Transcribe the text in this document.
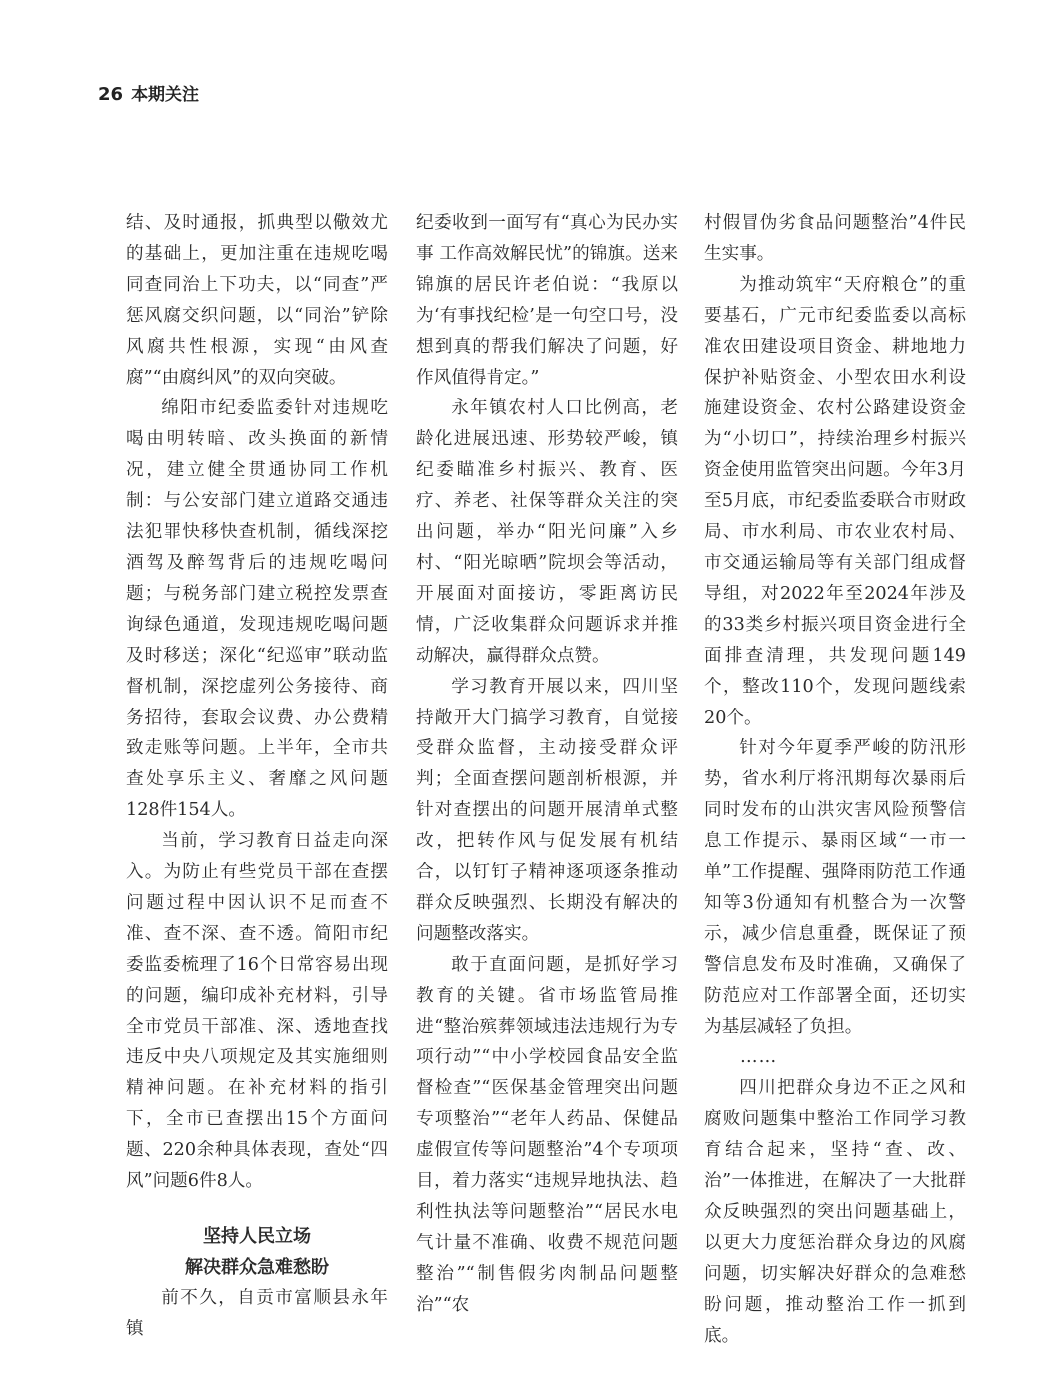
26 本期关注

结、及时通报，抓典型以儆效尤的基础上，更加注重在违规吃喝同查同治上下功夫，以“同查”严惩风腐交织问题，以“同治”铲除风腐共性根源，实现“由风查腐”“由腐纠风”的双向突破。

绵阳市纪委监委针对违规吃喝由明转暗、改头换面的新情况，建立健全贯通协同工作机制：与公安部门建立道路交通违法犯罪快移快查机制，循线深挖酒驾及醉驾背后的违规吃喝问题；与税务部门建立税控发票查询绿色通道，发现违规吃喝问题及时移送；深化“纪巡审”联动监督机制，深挖虚列公务接待、商务招待，套取会议费、办公费精致走账等问题。上半年，全市共查处享乐主义、奢靡之风问题128件154人。

当前，学习教育日益走向深入。为防止有些党员干部在查摆问题过程中因认识不足而查不准、查不深、查不透。简阳市纪委监委梳理了16个日常容易出现的问题，编印成补充材料，引导全市党员干部准、深、透地查找违反中央八项规定及其实施细则精神问题。在补充材料的指引下，全市已查摆出15个方面问题、220余种具体表现，查处“四风”问题6件8人。

坚持人民立场
解决群众急难愁盼

前不久，自贡市富顺县永年镇

纪委收到一面写有“真心为民办实事 工作高效解民忧”的锦旗。送来锦旗的居民许老伯说：“我原以为‘有事找纪检’是一句空口号，没想到真的帮我们解决了问题，好作风值得肯定。”

永年镇农村人口比例高，老龄化进展迅速、形势较严峻，镇纪委瞄准乡村振兴、教育、医疗、养老、社保等群众关注的突出问题，举办“阳光问廉”入乡村、“阳光晾晒”院坝会等活动，开展面对面接访，零距离访民情，广泛收集群众问题诉求并推动解决，赢得群众点赞。

学习教育开展以来，四川坚持敞开大门搞学习教育，自觉接受群众监督，主动接受群众评判；全面查摆问题剖析根源，并针对查摆出的问题开展清单式整改，把转作风与促发展有机结合，以钉钉子精神逐项逐条推动群众反映强烈、长期没有解决的问题整改落实。

敢于直面问题，是抓好学习教育的关键。省市场监管局推进“整治殡葬领域违法违规行为专项行动”“中小学校园食品安全监督检查”“医保基金管理突出问题专项整治”“老年人药品、保健品虚假宣传等问题整治”4个专项项目，着力落实“违规异地执法、趋利性执法等问题整治”“居民水电气计量不准确、收费不规范问题整治”“制售假劣肉制品问题整治”“农

村假冒伪劣食品问题整治”4件民生实事。

为推动筑牢“天府粮仓”的重要基石，广元市纪委监委以高标准农田建设项目资金、耕地地力保护补贴资金、小型农田水利设施建设资金、农村公路建设资金为“小切口”，持续治理乡村振兴资金使用监管突出问题。今年3月至5月底，市纪委监委联合市财政局、市水利局、市农业农村局、市交通运输局等有关部门组成督导组，对2022年至2024年涉及的33类乡村振兴项目资金进行全面排查清理，共发现问题149个，整改110个，发现问题线索20个。

针对今年夏季严峻的防汛形势，省水利厅将汛期每次暴雨后同时发布的山洪灾害风险预警信息工作提示、暴雨区域“一市一单”工作提醒、强降雨防范工作通知等3份通知有机整合为一次警示，减少信息重叠，既保证了预警信息发布及时准确，又确保了防范应对工作部署全面，还切实为基层减轻了负担。

……

四川把群众身边不正之风和腐败问题集中整治工作同学习教育结合起来，坚持“查、改、治”一体推进，在解决了一大批群众反映强烈的突出问题基础上，以更大力度惩治群众身边的风腐问题，切实解决好群众的急难愁盼问题，推动整治工作一抓到底。
